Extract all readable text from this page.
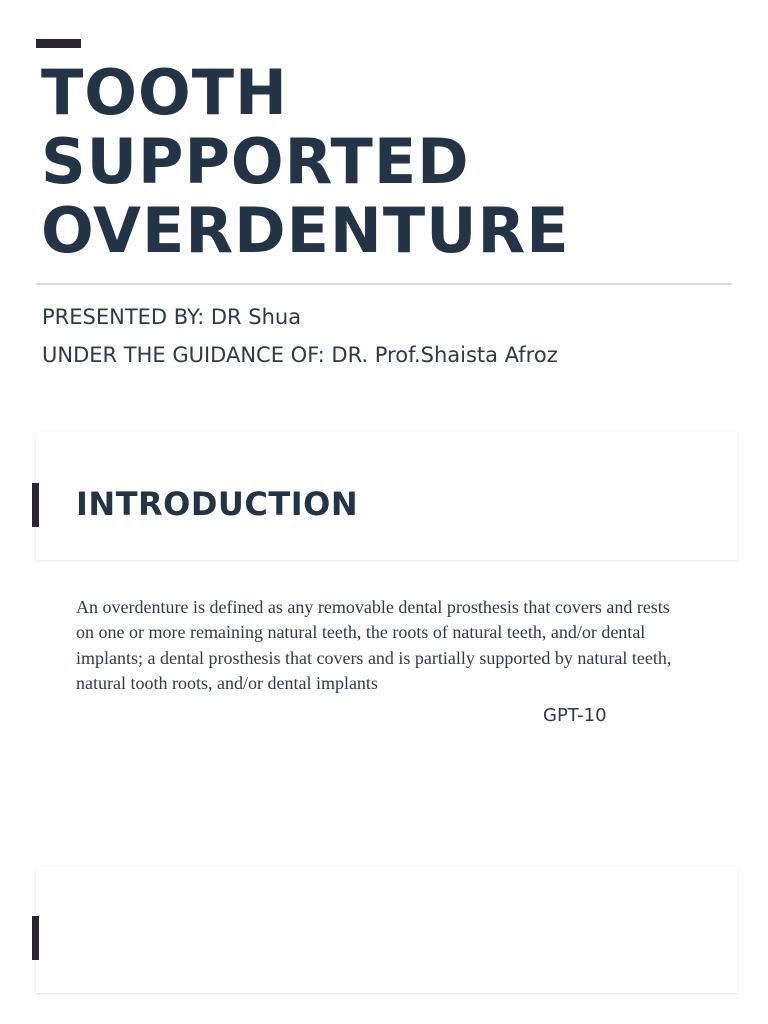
TOOTH
SUPPORTED
OVERDENTURE
PRESENTED BY: DR Shua
UNDER THE GUIDANCE OF: DR. Prof.Shaista Afroz
INTRODUCTION

An overdenture is defined as any removable dental prosthesis that covers and rests on one or more remaining natural teeth, the roots of natural teeth, and/or dental implants; a dental prosthesis that covers and is partially supported by natural teeth, natural tooth roots, and/or dental implants

GPT-10
